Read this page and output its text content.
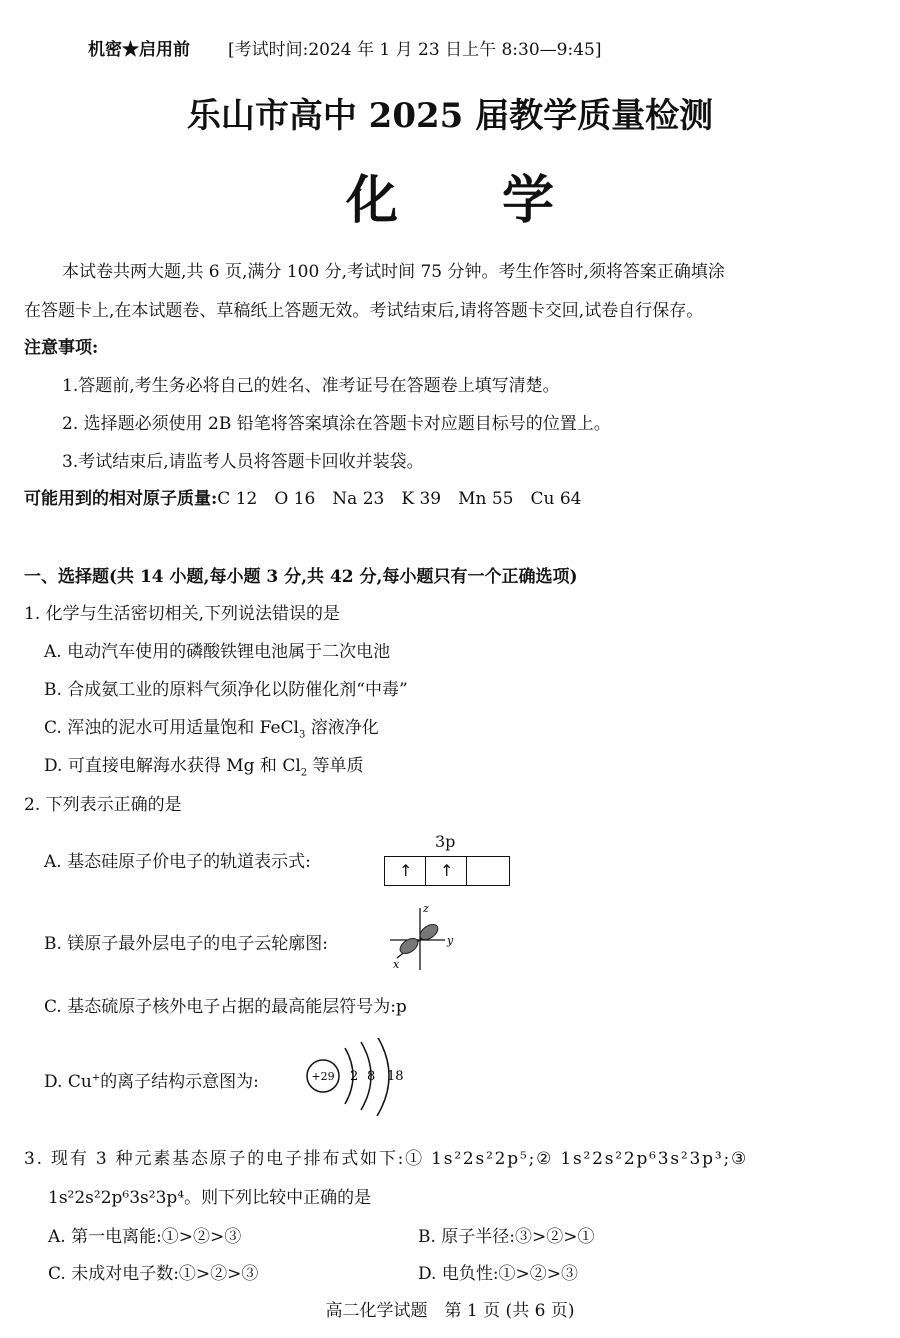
机密★启用前 [考试时间:2024 年 1 月 23 日上午 8:30—9:45]
乐山市高中 2025 届教学质量检测
化　　学
本试卷共两大题,共 6 页,满分 100 分,考试时间 75 分钟。考生作答时,须将答案正确填涂
在答题卡上,在本试题卷、草稿纸上答题无效。考试结束后,请将答题卡交回,试卷自行保存。
注意事项:
1.答题前,考生务必将自己的姓名、准考证号在答题卷上填写清楚。
2. 选择题必须使用 2B 铅笔将答案填涂在答题卡对应题目标号的位置上。
3.考试结束后,请监考人员将答题卡回收并装袋。
可能用到的相对原子质量:C 12　O 16　Na 23　K 39　Mn 55　Cu 64
一、选择题(共 14 小题,每小题 3 分,共 42 分,每小题只有一个正确选项)
1. 化学与生活密切相关,下列说法错误的是
A. 电动汽车使用的磷酸铁锂电池属于二次电池
B. 合成氨工业的原料气须净化以防催化剂“中毒”
C. 浑浊的泥水可用适量饱和 FeCl$_3$ 溶液净化
D. 可直接电解海水获得 Mg 和 $Cl_2$ 等单质
2. 下列表示正确的是
A. 基态硅原子价电子的轨道表示式:
3p
↑ ↑
B. 镁原子最外层电子的电子云轮廓图:
z
y
x
C. 基态硫原子核外电子占据的最高能层符号为:p
D. Cu+的离子结构示意图为:	+29 2 8 18
3. 现有 3 种元素基态原子的电子排布式如下:① 1s²2s²2p⁵;② 1s²2s²2p⁶3s²3p³;③
1s²2s²2p⁶3s²3p⁴。则下列比较中正确的是
A. 第一电离能:①>②>③	B. 原子半径:③>②>①
C. 未成对电子数:①>②>③	D. 电负性:①>②>③
高二化学试题　第 1 页 (共 6 页)
